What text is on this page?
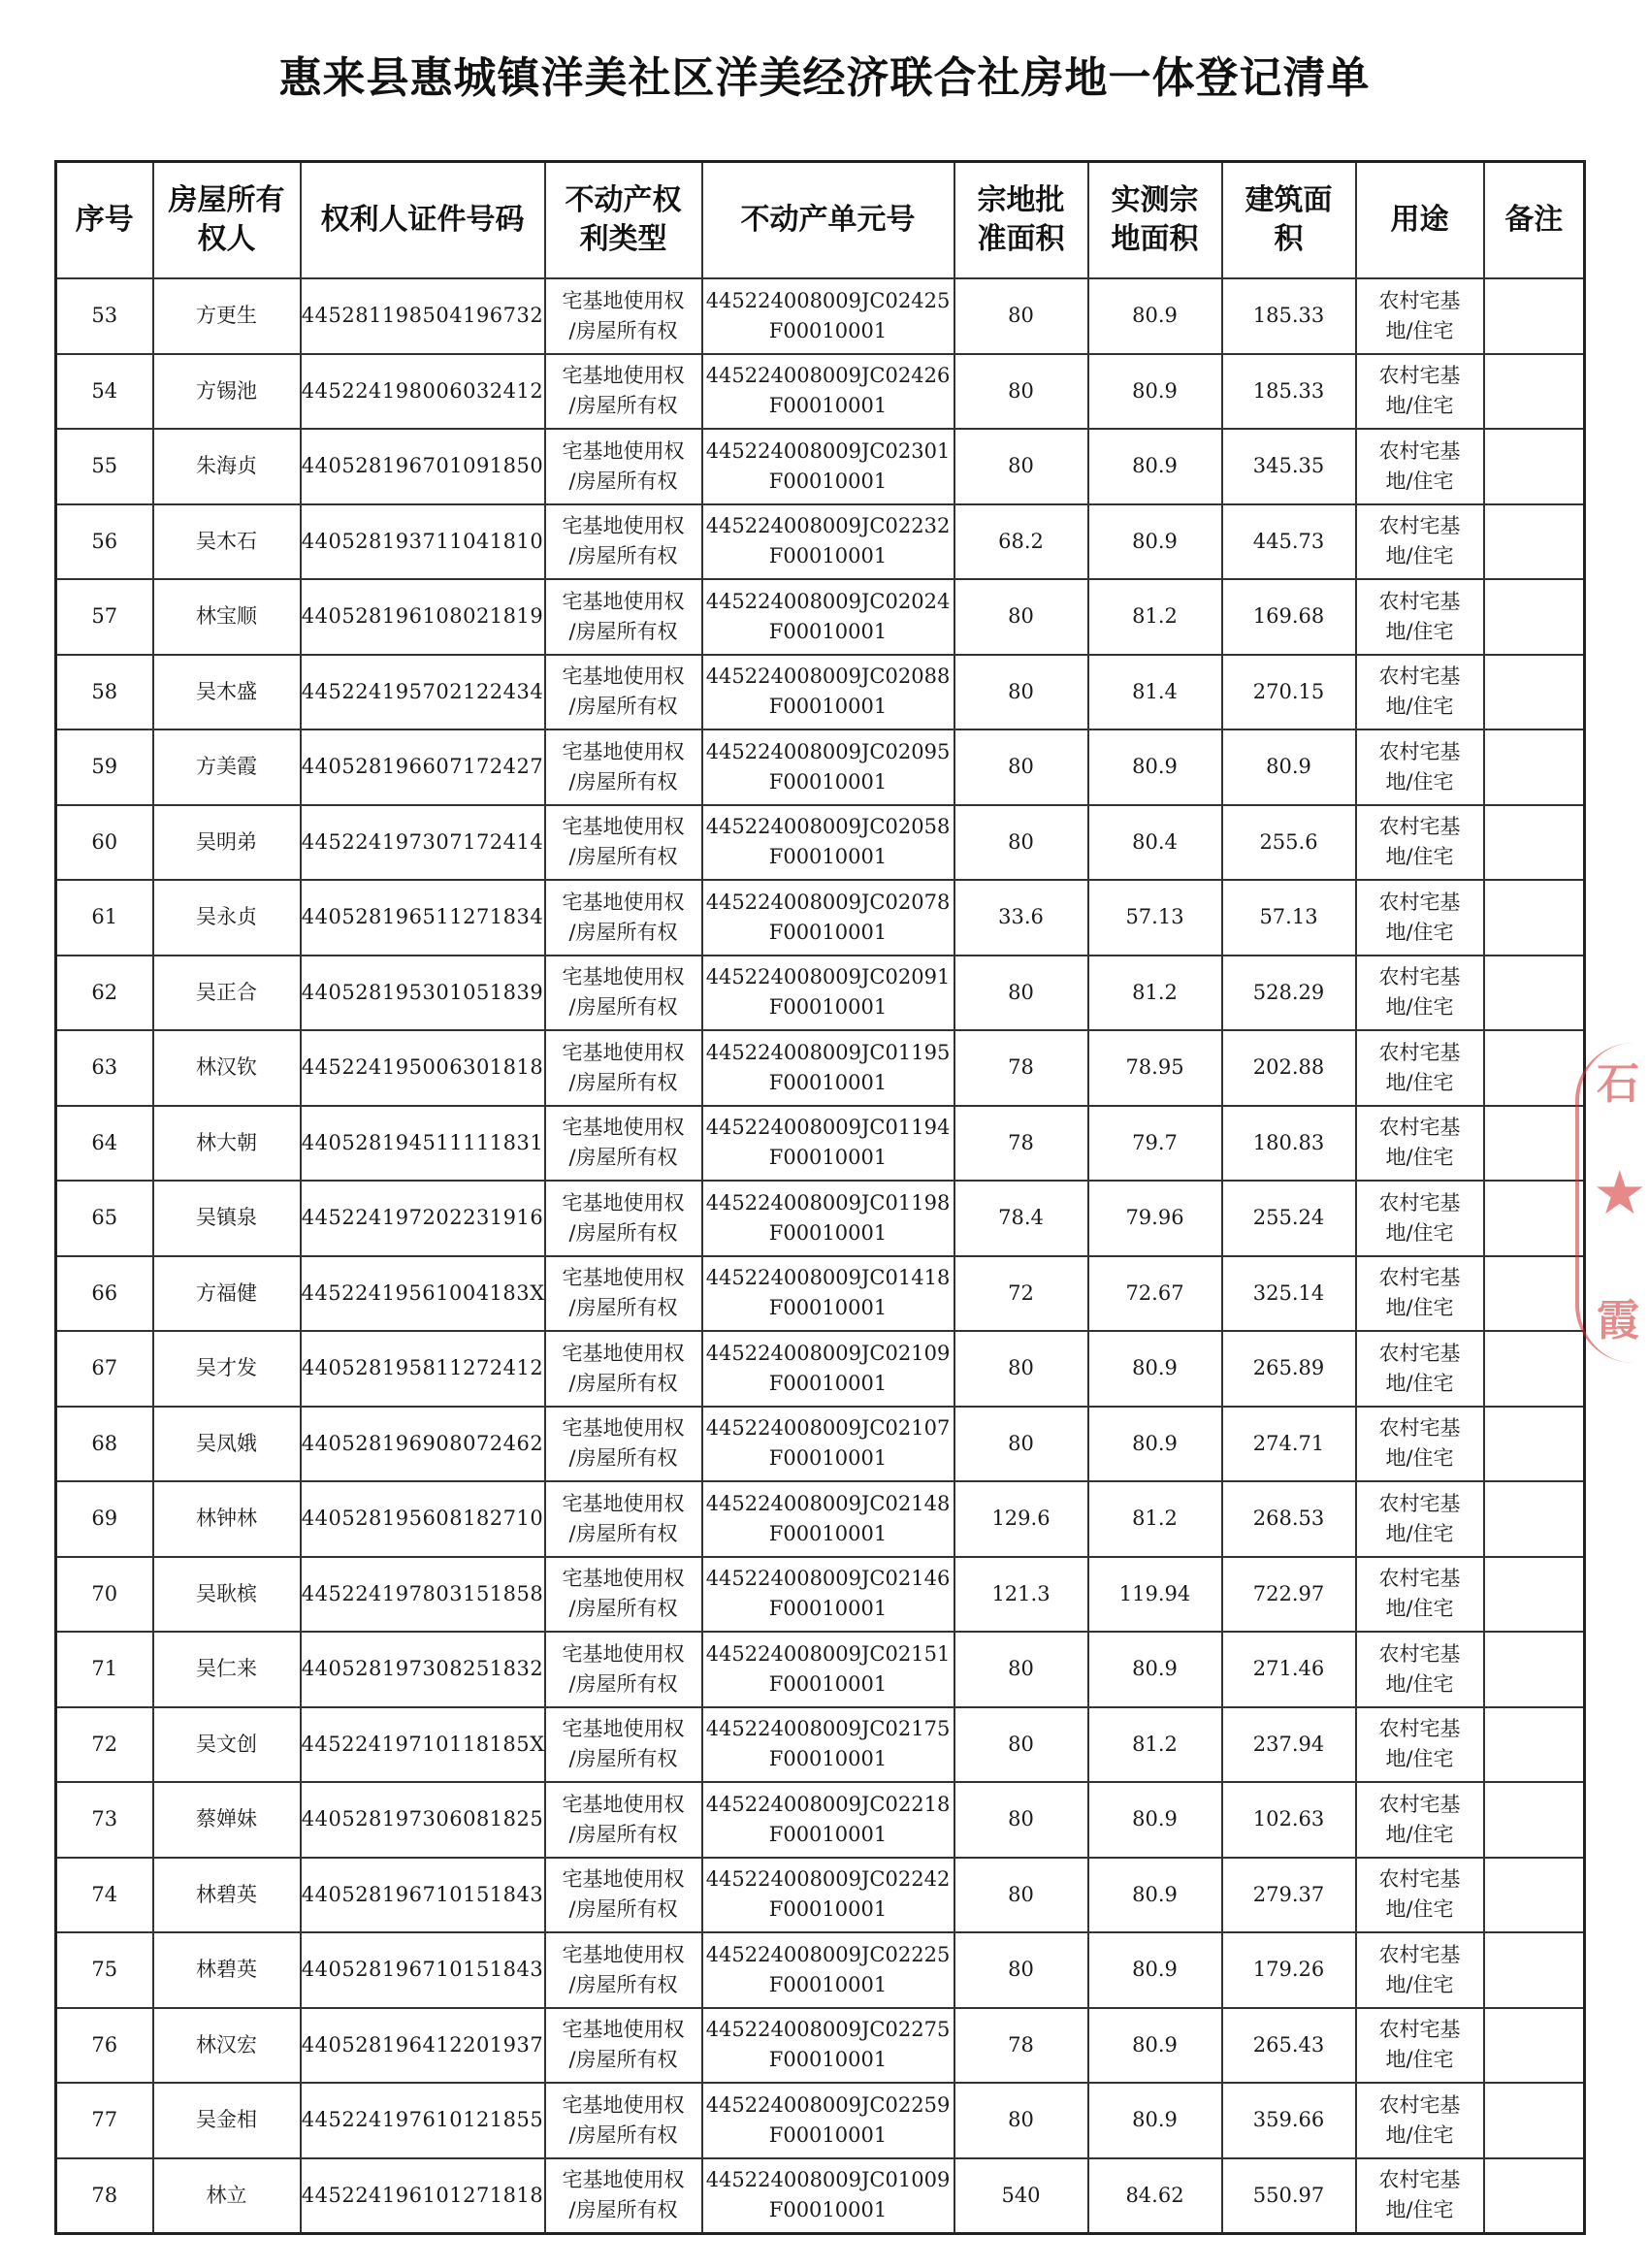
惠来县惠城镇洋美社区洋美经济联合社房地一体登记清单
序号	房屋所有
权人	权利人证件号码	不动产权
利类型	不动产单元号	宗地批
准面积	实测宗
地面积	建筑面
积	用途	备注
53	方更生	445281198504196732	宅基地使用权
/房屋所有权	445224008009JC02425
F00010001	80	80.9	185.33	农村宅基
地/住宅	

54	方锡池	445224198006032412	宅基地使用权
/房屋所有权	445224008009JC02426
F00010001	80	80.9	185.33	农村宅基
地/住宅	

55	朱海贞	440528196701091850	宅基地使用权
/房屋所有权	445224008009JC02301
F00010001	80	80.9	345.35	农村宅基
地/住宅	

56	吴木石	440528193711041810	宅基地使用权
/房屋所有权	445224008009JC02232
F00010001	68.2	80.9	445.73	农村宅基
地/住宅	

57	林宝顺	440528196108021819	宅基地使用权
/房屋所有权	445224008009JC02024
F00010001	80	81.2	169.68	农村宅基
地/住宅	

58	吴木盛	445224195702122434	宅基地使用权
/房屋所有权	445224008009JC02088
F00010001	80	81.4	270.15	农村宅基
地/住宅	

59	方美霞	440528196607172427	宅基地使用权
/房屋所有权	445224008009JC02095
F00010001	80	80.9	80.9	农村宅基
地/住宅	

60	吴明弟	445224197307172414	宅基地使用权
/房屋所有权	445224008009JC02058
F00010001	80	80.4	255.6	农村宅基
地/住宅	

61	吴永贞	440528196511271834	宅基地使用权
/房屋所有权	445224008009JC02078
F00010001	33.6	57.13	57.13	农村宅基
地/住宅	

62	吴正合	440528195301051839	宅基地使用权
/房屋所有权	445224008009JC02091
F00010001	80	81.2	528.29	农村宅基
地/住宅	

63	林汉钦	445224195006301818	宅基地使用权
/房屋所有权	445224008009JC01195
F00010001	78	78.95	202.88	农村宅基
地/住宅	

64	林大朝	440528194511111831	宅基地使用权
/房屋所有权	445224008009JC01194
F00010001	78	79.7	180.83	农村宅基
地/住宅	

65	吴镇泉	445224197202231916	宅基地使用权
/房屋所有权	445224008009JC01198
F00010001	78.4	79.96	255.24	农村宅基
地/住宅	

66	方福健	44522419561004183X	宅基地使用权
/房屋所有权	445224008009JC01418
F00010001	72	72.67	325.14	农村宅基
地/住宅	

67	吴才发	440528195811272412	宅基地使用权
/房屋所有权	445224008009JC02109
F00010001	80	80.9	265.89	农村宅基
地/住宅	

68	吴凤娥	440528196908072462	宅基地使用权
/房屋所有权	445224008009JC02107
F00010001	80	80.9	274.71	农村宅基
地/住宅	

69	林钟林	440528195608182710	宅基地使用权
/房屋所有权	445224008009JC02148
F00010001	129.6	81.2	268.53	农村宅基
地/住宅	

70	吴耿槟	445224197803151858	宅基地使用权
/房屋所有权	445224008009JC02146
F00010001	121.3	119.94	722.97	农村宅基
地/住宅	

71	吴仁来	440528197308251832	宅基地使用权
/房屋所有权	445224008009JC02151
F00010001	80	80.9	271.46	农村宅基
地/住宅	

72	吴文创	44522419710118185X	宅基地使用权
/房屋所有权	445224008009JC02175
F00010001	80	81.2	237.94	农村宅基
地/住宅	

73	蔡婵妹	440528197306081825	宅基地使用权
/房屋所有权	445224008009JC02218
F00010001	80	80.9	102.63	农村宅基
地/住宅	

74	林碧英	440528196710151843	宅基地使用权
/房屋所有权	445224008009JC02242
F00010001	80	80.9	279.37	农村宅基
地/住宅	

75	林碧英	440528196710151843	宅基地使用权
/房屋所有权	445224008009JC02225
F00010001	80	80.9	179.26	农村宅基
地/住宅	

76	林汉宏	440528196412201937	宅基地使用权
/房屋所有权	445224008009JC02275
F00010001	78	80.9	265.43	农村宅基
地/住宅	

77	吴金相	445224197610121855	宅基地使用权
/房屋所有权	445224008009JC02259
F00010001	80	80.9	359.66	农村宅基
地/住宅	

78	林立	445224196101271818	宅基地使用权
/房屋所有权	445224008009JC01009
F00010001	540	84.62	550.97	农村宅基
地/住宅	

石
★
霞
